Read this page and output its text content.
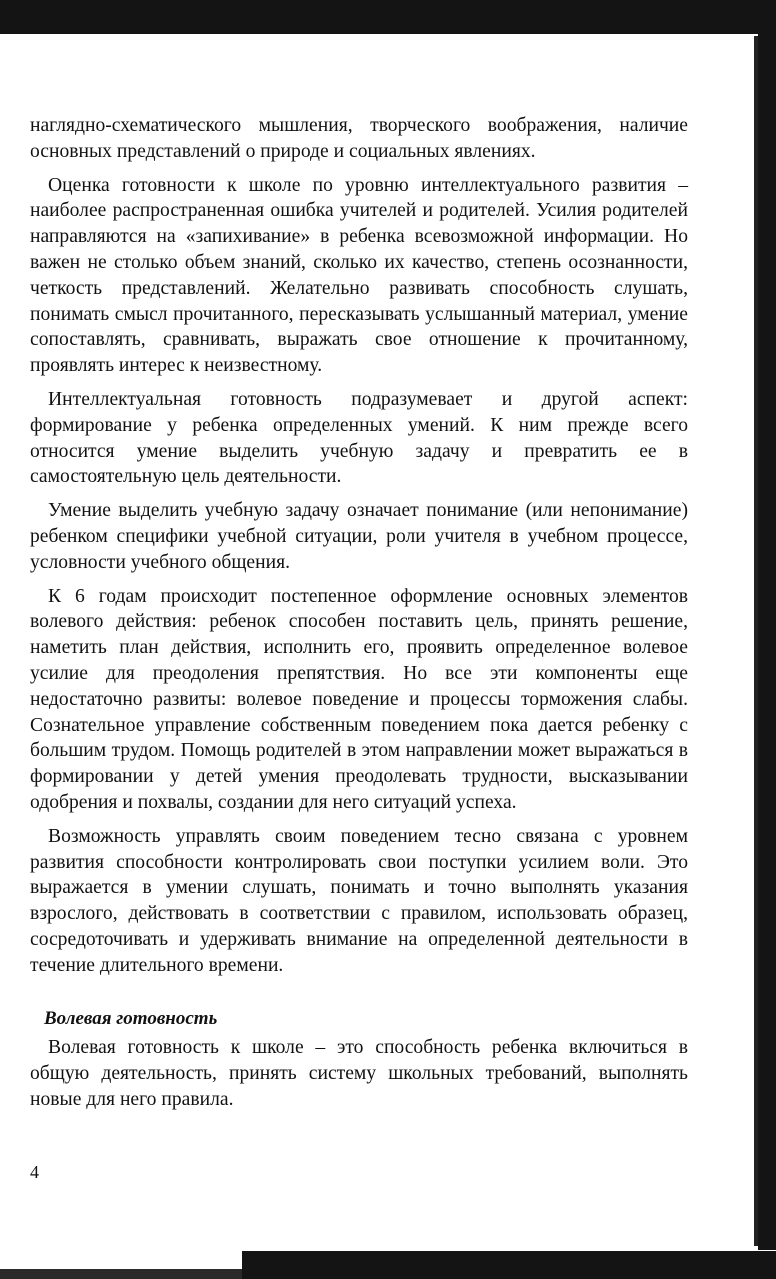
наглядно-схематического мышления, творческого воображения, наличие основных представлений о природе и социальных явлениях.

Оценка готовности к школе по уровню интеллектуального развития – наиболее распространенная ошибка учителей и родителей. Усилия родителей направляются на «запихивание» в ребенка всевозможной информации. Но важен не столько объем знаний, сколько их качество, степень осознанности, четкость представлений. Желательно развивать способность слушать, понимать смысл прочитанного, пересказывать услышанный материал, умение сопоставлять, сравнивать, выражать свое отношение к прочитанному, проявлять интерес к неизвестному.

Интеллектуальная готовность подразумевает и другой аспект: формирование у ребенка определенных умений. К ним прежде всего относится умение выделить учебную задачу и превратить ее в самостоятельную цель деятельности.

Умение выделить учебную задачу означает понимание (или непонимание) ребенком специфики учебной ситуации, роли учителя в учебном процессе, условности учебного общения.

К 6 годам происходит постепенное оформление основных элементов волевого действия: ребенок способен поставить цель, принять решение, наметить план действия, исполнить его, проявить определенное волевое усилие для преодоления препятствия. Но все эти компоненты еще недостаточно развиты: волевое поведение и процессы торможения слабы. Сознательное управление собственным поведением пока дается ребенку с большим трудом. Помощь родителей в этом направлении может выражаться в формировании у детей умения преодолевать трудности, высказывании одобрения и похвалы, создании для него ситуаций успеха.

Возможность управлять своим поведением тесно связана с уровнем развития способности контролировать свои поступки усилием воли. Это выражается в умении слушать, понимать и точно выполнять указания взрослого, действовать в соответствии с правилом, использовать образец, сосредоточивать и удерживать внимание на определенной деятельности в течение длительного времени.

Волевая готовность

Волевая готовность к школе – это способность ребенка включиться в общую деятельность, принять систему школьных требований, выполнять новые для него правила.

4
